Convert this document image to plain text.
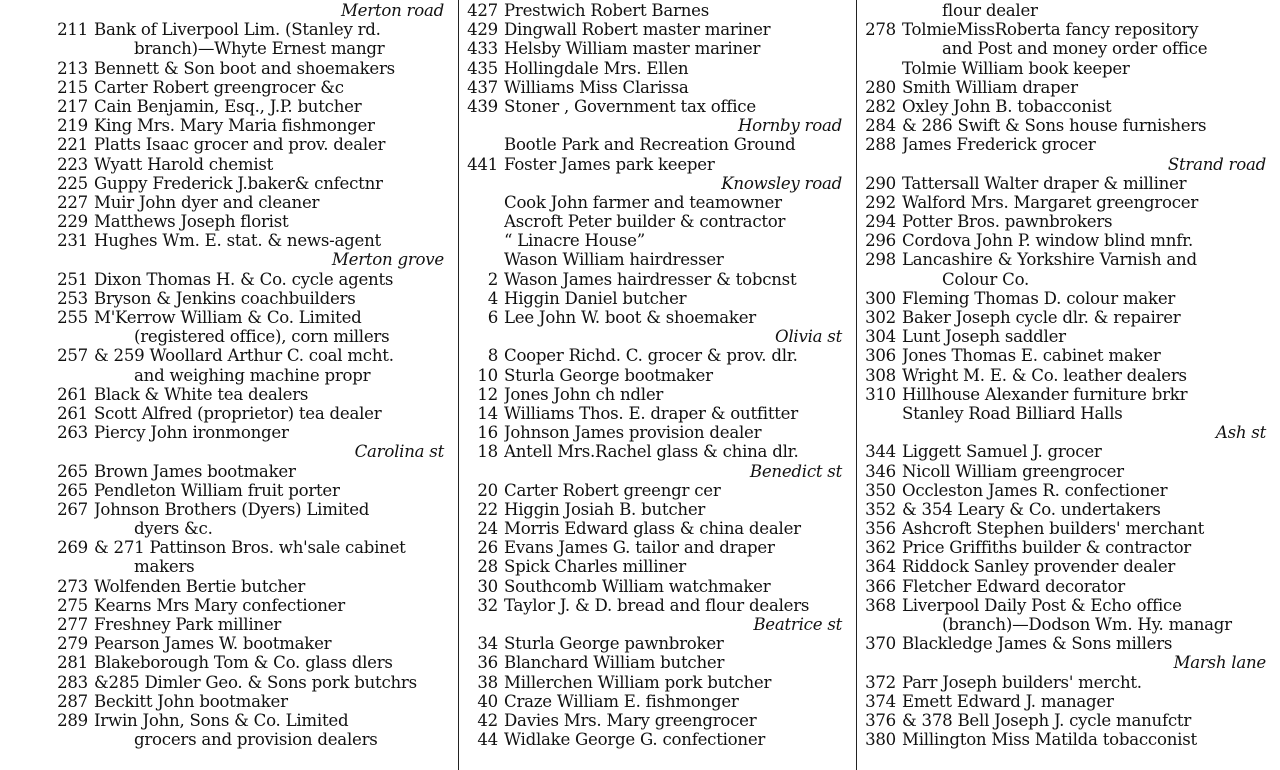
Merton road
211 Bank of Liverpool Lim. (Stanley rd.
branch)—Whyte Ernest mangr
213 Bennett & Son boot and shoemakers
215 Carter Robert greengrocer &c
217 Cain Benjamin, Esq., J.P. butcher
219 King Mrs. Mary Maria fishmonger
221 Platts Isaac grocer and prov. dealer
223 Wyatt Harold chemist
225 Guppy Frederick J.baker& cnfectnr
227 Muir John dyer and cleaner
229 Matthews Joseph florist
231 Hughes Wm. E. stat. & news-agent
Merton grove
251 Dixon Thomas H. & Co. cycle agents
253 Bryson & Jenkins coachbuilders
255 M'Kerrow William & Co. Limited
(registered office), corn millers
257 & 259 Woollard Arthur C. coal mcht.
and weighing machine propr
261 Black & White tea dealers
261 Scott Alfred (proprietor) tea dealer
263 Piercy John ironmonger
Carolina st
265 Brown James bootmaker
265 Pendleton William fruit porter
267 Johnson Brothers (Dyers) Limited
dyers &c.
269 & 271 Pattinson Bros. wh'sale cabinet
makers
273 Wolfenden Bertie butcher
275 Kearns Mrs Mary confectioner
277 Freshney Park milliner
279 Pearson James W. bootmaker
281 Blakeborough Tom & Co. glass dlers
283 &285 Dimler Geo. & Sons pork butchrs
287 Beckitt John bootmaker
289 Irwin John, Sons & Co. Limited
grocers and provision dealers
427 Prestwich Robert Barnes
429 Dingwall Robert master mariner
433 Helsby William master mariner
435 Hollingdale Mrs. Ellen
437 Williams Miss Clarissa
439 Stoner , Government tax office
Hornby road
Bootle Park and Recreation Ground
441 Foster James park keeper
Knowsley road
Cook John farmer and teamowner
Ascroft Peter builder & contractor
“ Linacre House”
Wason William hairdresser
2 Wason James hairdresser & tobcnst
4 Higgin Daniel butcher
6 Lee John W. boot & shoemaker
Olivia st
8 Cooper Richd. C. grocer & prov. dlr.
10 Sturla George bootmaker
12 Jones John ch ndler
14 Williams Thos. E. draper & outfitter
16 Johnson James provision dealer
18 Antell Mrs.Rachel glass & china dlr.
Benedict st
20 Carter Robert greengr cer
22 Higgin Josiah B. butcher
24 Morris Edward glass & china dealer
26 Evans James G. tailor and draper
28 Spick Charles milliner
30 Southcomb William watchmaker
32 Taylor J. & D. bread and flour dealers
Beatrice st
34 Sturla George pawnbroker
36 Blanchard William butcher
38 Millerchen William pork butcher
40 Craze William E. fishmonger
42 Davies Mrs. Mary greengrocer
44 Widlake George G. confectioner
flour dealer
278 TolmieMissRoberta fancy repository
and Post and money order office
Tolmie William book keeper
280 Smith William draper
282 Oxley John B. tobacconist
284 & 286 Swift & Sons house furnishers
288 James Frederick grocer
Strand road
290 Tattersall Walter draper & milliner
292 Walford Mrs. Margaret greengrocer
294 Potter Bros. pawnbrokers
296 Cordova John P. window blind mnfr.
298 Lancashire & Yorkshire Varnish and
Colour Co.
300 Fleming Thomas D. colour maker
302 Baker Joseph cycle dlr. & repairer
304 Lunt Joseph saddler
306 Jones Thomas E. cabinet maker
308 Wright M. E. & Co. leather dealers
310 Hillhouse Alexander furniture brkr
Stanley Road Billiard Halls
Ash st
344 Liggett Samuel J. grocer
346 Nicoll William greengrocer
350 Occleston James R. confectioner
352 & 354 Leary & Co. undertakers
356 Ashcroft Stephen builders' merchant
362 Price Griffiths builder & contractor
364 Riddock Sanley provender dealer
366 Fletcher Edward decorator
368 Liverpool Daily Post & Echo office
(branch)—Dodson Wm. Hy. managr
370 Blackledge James & Sons millers
Marsh lane
372 Parr Joseph builders' mercht.
374 Emett Edward J. manager
376 & 378 Bell Joseph J. cycle manufctr
380 Millington Miss Matilda tobacconist
